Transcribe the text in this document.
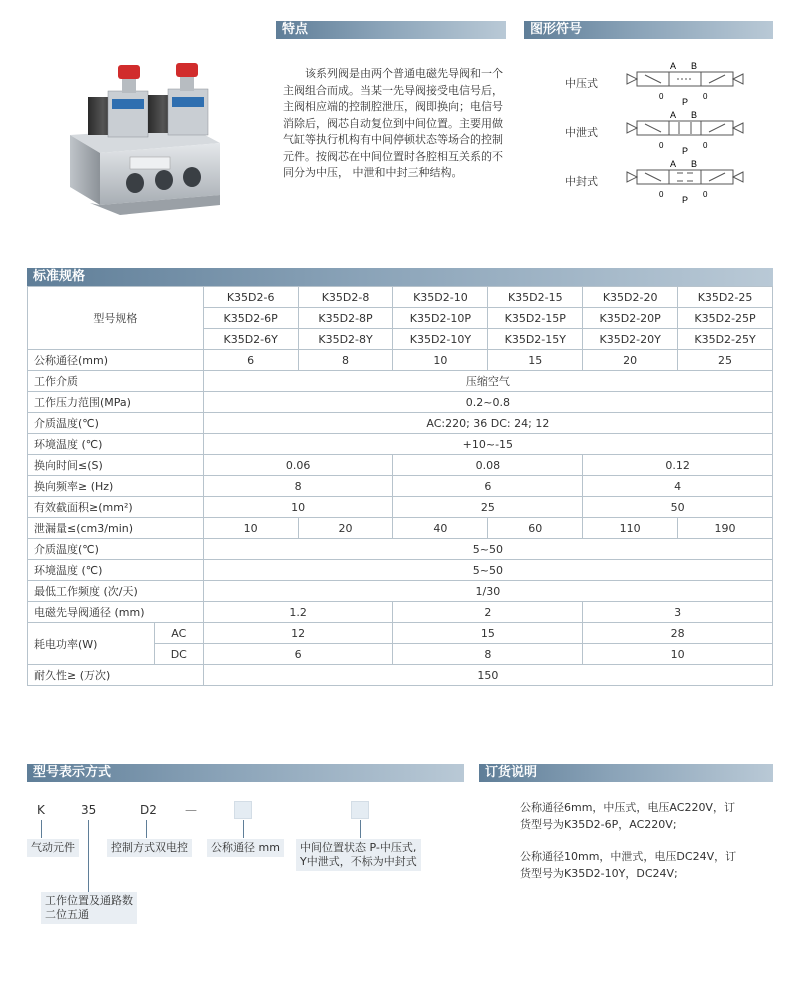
特点	图形符号
标准规格
型号表示方式	订货说明
该系列阀是由两个普通电磁先导阀和一个
主阀组合而成。当某一先导阀接受电信号后，
主阀相应端的控制腔泄压，阀即换向；电信号
消除后，阀芯自动复位到中间位置。主要用做
气缸等执行机构有中间停顿状态等场合的控制
元件。按阀芯在中间位置时各腔相互关系的不
同分为中压， 中泄和中封三种结构。
中压式
中泄式
中封式
A B
0
P
0
A B
0
P
0
A B
0
P
0
型号规格		K35D2-6	K35D2-8	K35D2-10	K35D2-15	K35D2-20	K35D2-25
		K35D2-6P	K35D2-8P	K35D2-10P	K35D2-15P	K35D2-20P	K35D2-25P
		K35D2-6Y	K35D2-8Y	K35D2-10Y	K35D2-15Y	K35D2-20Y	K35D2-25Y
公称通径(mm)		6	8	10	15	20	25
工作介质		压缩空气					
工作压力范围(MPa)		0.2~0.8					
介质温度(℃)		AC:220; 36 DC: 24; 12					
环境温度 (℃)		+10~-15					
换向时间≤(S)		0.06		0.08		0.12	
换向频率≥ (Hz)		8		6		4	
有效截面积≥(mm²)		10		25		50	
泄漏量≤(cm3/min)		10	20	40	60	110	190
介质温度(℃)		5~50					
环境温度 (℃)		5~50					
最低工作频度 (次/天)		1/30					
电磁先导阀通径 (mm)		1.2		2		3	
耗电功率(W)	AC	12		15		28	
	DC	6		8		10	
耐久性≥ (万次)		150					
K	35	D2 —
气动元件	控制方式双电控	公称通径 mm	中间位置状态 P-中压式,
Y中泄式，不标为中封式
工作位置及通路数
二位五通
公称通径6mm，中压式，电压AC220V，订
货型号为K35D2-6P，AC220V;
公称通径10mm，中泄式，电压DC24V，订
货型号为K35D2-10Y，DC24V;
